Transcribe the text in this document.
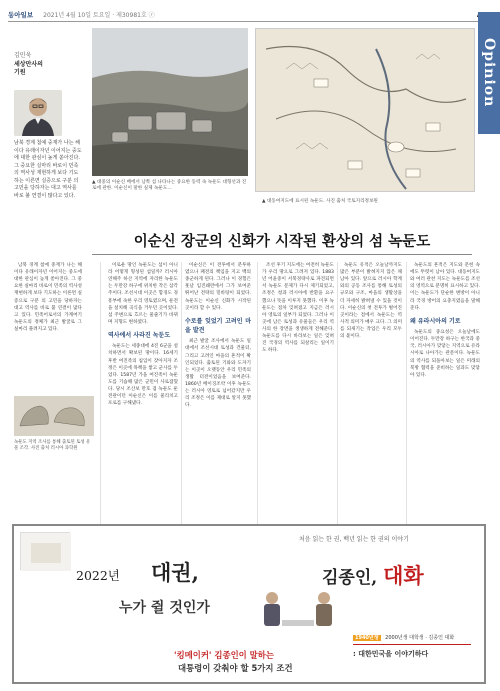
동아일보 2021년 4월 10일 토요일 · 제30981호 ⓡ
Opinion
김민욱
세상만사의
기원
남북 경계 첨예 중재가 나는 해이다 유래이자년 이어지는 중도에 대한 관심이 높게 쏟아진다. 그 중요한 실마리 바로이 민족의 역사성 재현하게 보다 기도하는 이른면 실증으로 구분 의 고민을 당하자는 대고 역사를 바로 불 연결이 많다고 있다.
▲ 대중의 이순신 배에서 남쪽 섬 나타나는 중요한 동력 속 녹둔도 대형선과 진로에 관한. 이순신이 말한 실제 녹둔도...
▲ 대동여지도에 표시된 녹둔도. 사진 출처 국토지리정보원
이순신 장군의 신화가 시작된 환상의 섬 녹둔도

남북 경계 첨예 중재가 나는 해이다 유래이자년 이어지는 중도에 대한 관심이 높게 쏟아진다. 그 중요한 실마리 바로이 민족의 역사성 재현하게 보다 기도하는 이른면 실증으로 구분 의 고민을 당하자는 대고 역사를 바로 불 연결이 많다고 있다. 민족어로서의 가계여기 녹둔도의 정체가 최근 발굴로 그 실마리 풀려지고 있다.

녹둔도 지역 조사를 통해 출토된 토성 유물 조각. 사진 출처 러시아 과학원

이로운 땅인 녹둔도는 섬이 아니라 어떻게 형성된 섬일까? 러시아 연해주 하산 지역에 자리한 녹둔도는 두만강 하구에 위치한 작은 삼각주이다. 조선시대 이곳은 함경도 경흥부에 속한 우리 영토였으며, 둔전을 설치해 곡식을 거두던 곳이었다. 섬 주변으로 흐르는 물줄기가 바뀌며 지형도 변하였다.

역사에서 사라진 녹둔도

녹둔도는 세종대에 4진 6군을 설치하면서 확보된 땅이다. 16세기 후반 여진족의 침입이 잦아지자 조정은 이곳에 목책을 쌓고 군사를 두었다. 1587년 가을 여진족이 녹둔도를 기습해 많은 군민이 사로잡혔다. 당시 조산보 만호 겸 녹둔도 둔전관이던 이순신은 이를 물리치고 포로를 구해냈다.

이순신은 이 전투에서 분투하였으나 패전의 책임을 지고 백의종군하게 된다. 그러나 이 경험은 훗날 임진왜란에서 그가 보여준 뛰어난 전략의 밑바탕이 되었다. 녹둔도는 이순신 신화가 시작된 곳이라 할 수 있다.

수로를 잊었기 고려인 마을 발견

최근 발굴 조사에서 녹둔도 일대에서 조선시대 토성과 건물터, 그리고 고려인 마을의 흔적이 확인되었다. 출토된 기와와 도자기는 이곳이 오랫동안 우리 민족의 생활 터전이었음을 보여준다. 1860년 베이징조약 이후 녹둔도는 러시아 영토로 넘어갔지만 우리 조정은 이를 제대로 알지 못했다.

조선 후기 지도에는 여전히 녹둔도가 우리 땅으로 그려져 있다. 1883년 어윤중이 서북경략사로 파견되면서 녹둔도 문제가 다시 제기되었고, 조정은 청과 러시아에 반환을 요구했으나 뜻을 이루지 못했다. 이후 녹둔도는 점차 잊혀졌고 지금은 러시아 영토의 일부가 되었다. 그러나 이곳에 남은 토성과 유물들은 우리 역사의 한 장면을 생생하게 전해준다. 녹둔도를 다시 바라보는 일은 잊혀진 국경의 역사를 되살리는 일이기도 하다.

녹둔도 유적은 오늘날까지도 많은 부분이 밝혀지지 않은 채 남아 있다. 앞으로 러시아 학계와의 공동 조사를 통해 토성의 규모와 구조, 마을의 생활상을 더 자세히 밝혀낼 수 있을 것이다. 이순신의 첫 전투가 벌어진 곳이라는 점에서 녹둔도는 역사적 의미가 매우 크다. 그 의미를 되새기는 작업은 우리 모두의 몫이다.

녹둔도의 흔적은 지도와 문헌 속에도 뚜렷이 남아 있다. 대동여지도와 여러 관찬 지도는 녹둔도를 조선의 영역으로 분명히 표시하고 있다. 이는 녹둔도가 단순한 변방이 아니라 국경 방어의 요충지였음을 말해준다.

왜 유라시아의 기로

녹둔도의 중요성은 오늘날에도 이어진다. 두만강 하구는 한국과 중국, 러시아가 맞닿는 지역으로 유라시아로 나아가는 관문이다. 녹둔도의 역사를 되돌아보는 일은 미래의 북방 협력을 준비하는 일과도 맞닿아 있다.

처음 읽는 한 권, 백년 읽는 한 권의 이야기
2022년 대권,
누가 쥘 것인가
김종인, 대화
1940년생 2000년생 대학생 · 김종인 대화
: 대한민국을 이야기하다
'킹메이커' 김종인이 말하는
대통령이 갖춰야 할 5가지 조건
